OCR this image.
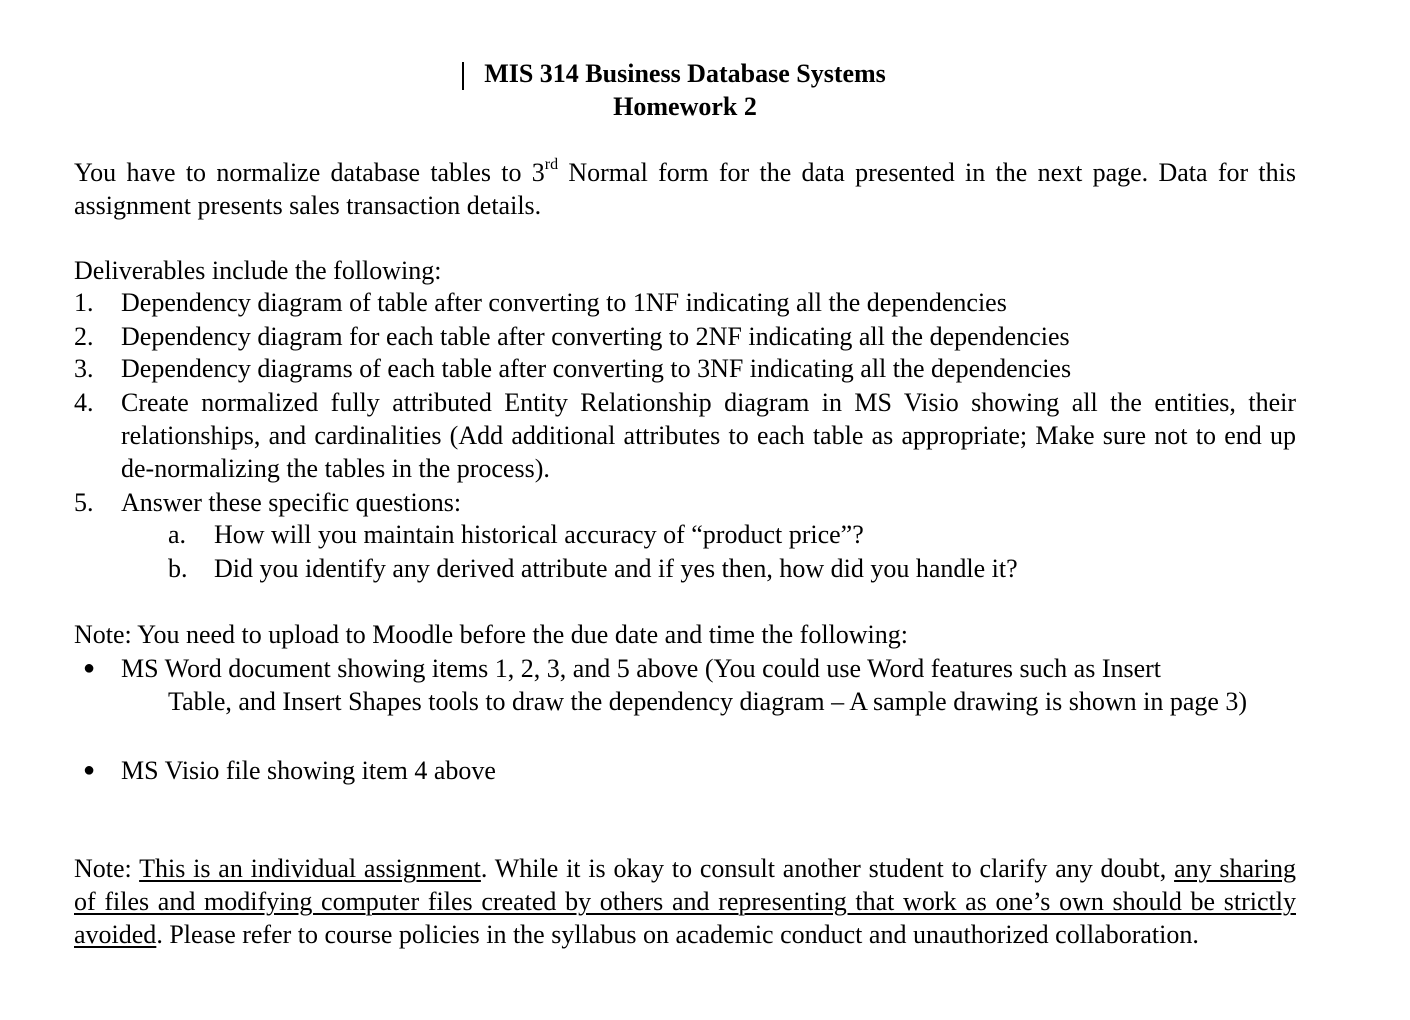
MIS 314 Business Database Systems
Homework 2
You have to normalize database tables to 3rd Normal form for the data presented in the next page. Data for this assignment presents sales transaction details.
Deliverables include the following:
1. Dependency diagram of table after converting to 1NF indicating all the dependencies
2. Dependency diagram for each table after converting to 2NF indicating all the dependencies
3. Dependency diagrams of each table after converting to 3NF indicating all the dependencies
4. Create normalized fully attributed Entity Relationship diagram in MS Visio showing all the entities, their relationships, and cardinalities (Add additional attributes to each table as appropriate; Make sure not to end up de-normalizing the tables in the process).
5. Answer these specific questions:
a. How will you maintain historical accuracy of “product price”?
b. Did you identify any derived attribute and if yes then, how did you handle it?
Note: You need to upload to Moodle before the due date and time the following:
● MS Word document showing items 1, 2, 3, and 5 above (You could use Word features such as Insert
Table, and Insert Shapes tools to draw the dependency diagram – A sample drawing is shown in page 3)
● MS Visio file showing item 4 above
Note: This is an individual assignment. While it is okay to consult another student to clarify any doubt, any sharing of files and modifying computer files created by others and representing that work as one’s own should be strictly avoided. Please refer to course policies in the syllabus on academic conduct and unauthorized collaboration.
